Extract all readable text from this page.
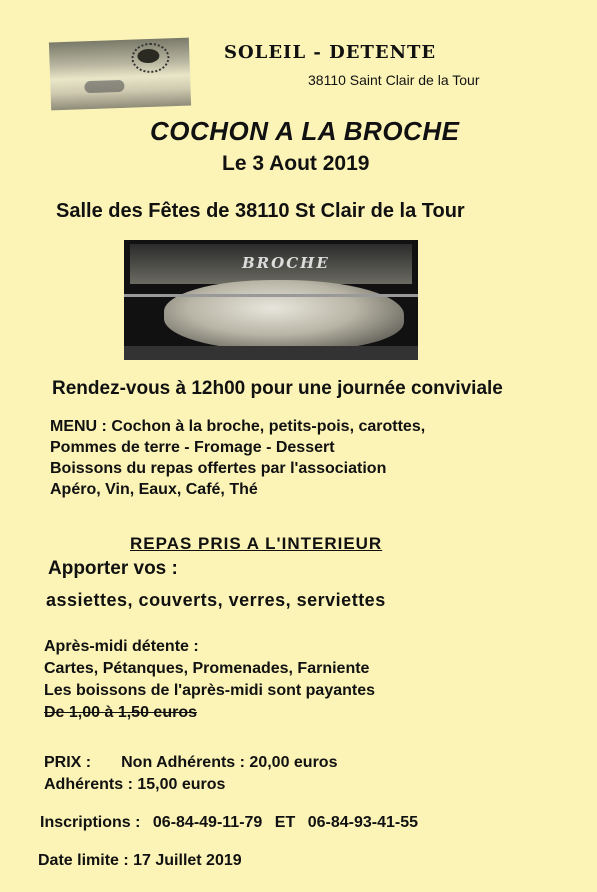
SOLEIL - DETENTE
38110 Saint Clair de la Tour
COCHON A LA BROCHE
Le 3 Aout 2019
Salle des Fêtes de 38110 St Clair de la Tour
BROCHE
Rendez-vous à 12h00 pour une journée conviviale
MENU : Cochon à la broche, petits-pois, carottes,
Pommes de terre - Fromage - Dessert
Boissons du repas offertes par l'association
Apéro, Vin, Eaux, Café, Thé
REPAS PRIS A L'INTERIEUR
Apporter vos :
assiettes, couverts, verres, serviettes
Après-midi détente :
Cartes, Pétanques, Promenades, Farniente
Les boissons de l'après-midi sont payantes
De 1,00 à 1,50 euros
PRIX : Non Adhérents : 20,00 euros
Adhérents : 15,00 euros
Inscriptions : 06-84-49-11-79 ET 06-84-93-41-55
Date limite : 17 Juillet 2019
